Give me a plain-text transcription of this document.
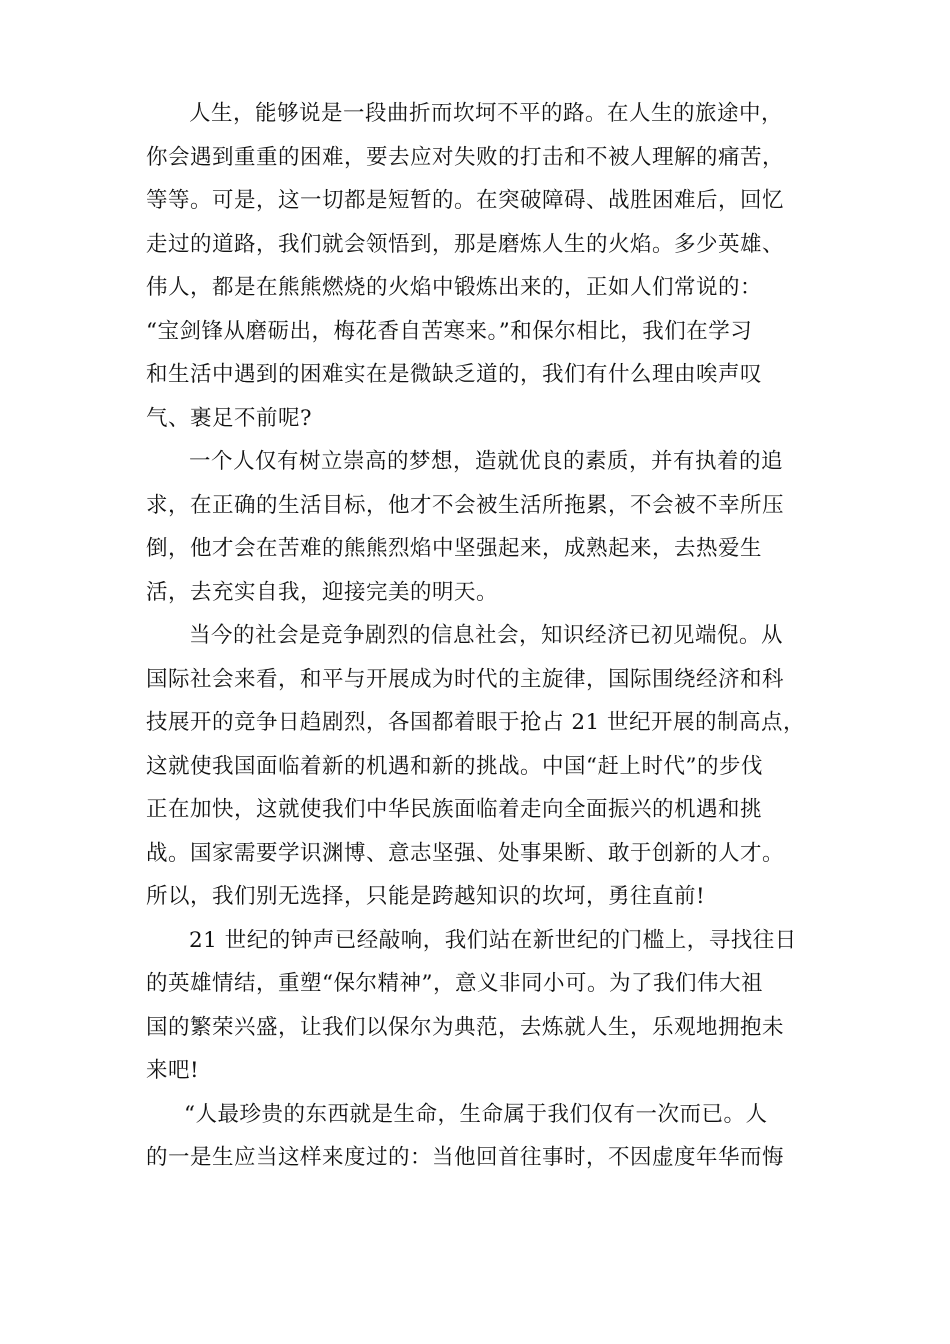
人生，能够说是一段曲折而坎坷不平的路。在人生的旅途中，
你会遇到重重的困难，要去应对失败的打击和不被人理解的痛苦，
等等。可是，这一切都是短暂的。在突破障碍、战胜困难后，回忆
走过的道路，我们就会领悟到，那是磨炼人生的火焰。多少英雄、
伟人，都是在熊熊燃烧的火焰中锻炼出来的，正如人们常说的：
“宝剑锋从磨砺出，梅花香自苦寒来。”和保尔相比，我们在学习
和生活中遇到的困难实在是微缺乏道的，我们有什么理由唉声叹
气、裹足不前呢?
一个人仅有树立崇高的梦想，造就优良的素质，并有执着的追
求，在正确的生活目标，他才不会被生活所拖累，不会被不幸所压
倒，他才会在苦难的熊熊烈焰中坚强起来，成熟起来，去热爱生
活，去充实自我，迎接完美的明天。
当今的社会是竞争剧烈的信息社会，知识经济已初见端倪。从
国际社会来看，和平与开展成为时代的主旋律，国际围绕经济和科
技展开的竞争日趋剧烈，各国都着眼于抢占 21 世纪开展的制高点，
这就使我国面临着新的机遇和新的挑战。中国“赶上时代”的步伐
正在加快，这就使我们中华民族面临着走向全面振兴的机遇和挑
战。国家需要学识渊博、意志坚强、处事果断、敢于创新的人才。
所以，我们别无选择，只能是跨越知识的坎坷，勇往直前!
21 世纪的钟声已经敲响，我们站在新世纪的门槛上，寻找往日
的英雄情结，重塑“保尔精神”，意义非同小可。为了我们伟大祖
国的繁荣兴盛，让我们以保尔为典范，去炼就人生，乐观地拥抱未
来吧!
“人最珍贵的东西就是生命，生命属于我们仅有一次而已。人
的一是生应当这样来度过的：当他回首往事时，不因虚度年华而悔
